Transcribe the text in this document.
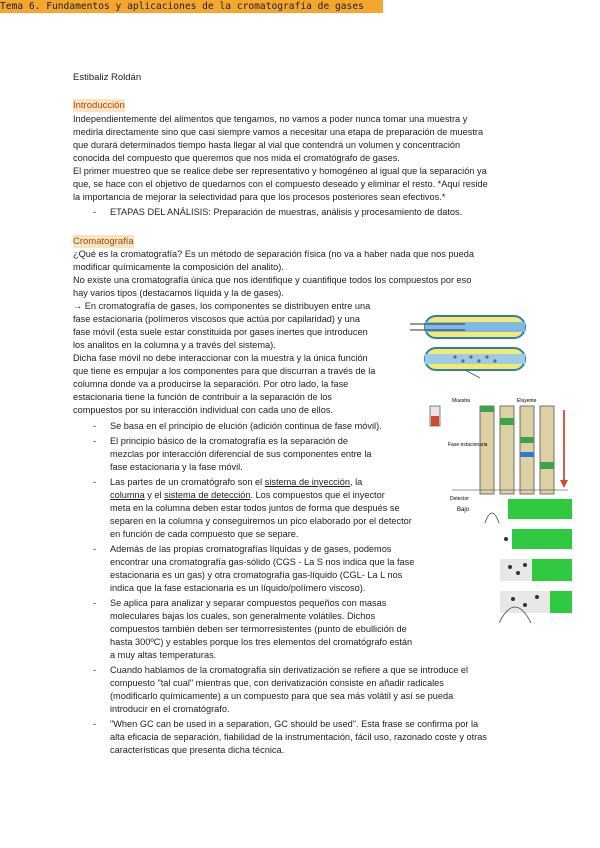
Estibaliz Roldán
Tema 6. Fundamentos y aplicaciones de la cromatografía de gases
Introducción
Independientemente del alimentos que tengamos, no vamos a poder nunca tomar una muestra y
medirla directamente sino que casi siempre vamos a necesitar una etapa de preparación de muestra
que durará determinados tiempo hasta llegar al vial que contendrá un volumen y concentración
conocida del compuesto que queremos que nos mida el cromatógrafo de gases.
El primer muestreo que se realice debe ser representativo y homogéneo al igual que la separación ya
que, se hace con el objetivo de quedarnos con el compuesto deseado y eliminar el resto. *Aquí reside
la importancia de mejorar la selectividad para que los procesos posteriores sean efectivos.*
- ETAPAS DEL ANÁLISIS: Preparación de muestras, análisis y procesamiento de datos.
Cromatografía
¿Qué es la cromatografía? Es un método de separación física (no va a haber nada que nos pueda
modificar químicamente la composición del analito).
No existe una cromatografía única que nos identifique y cuantifique todos los compuestos por eso
hay varios tipos (destacamos líquida y la de gases).
→ En cromatografía de gases, los componentes se distribuyen entre una
fase estacionaria (polímeros viscosos que actúa por capilaridad) y una
fase móvil (esta suele estar constituida por gases inertes que introducen
los analitos en la columna y a través del sistema).
Dicha fase móvil no debe interaccionar con la muestra y la única función
que tiene es empujar a los componentes para que discurran a través de la
columna donde va a producirse la separación. Por otro lado, la fase
estacionaria tiene la función de contribuir a la separación de los
compuestos por su interacción individual con cada uno de ellos.
- Se basa en el principio de elución (adición continua de fase móvil).
- El principio básico de la cromatografía es la separación de
mezclas por interacción diferencial de sus componentes entre la
fase estacionaria y la fase móvil.
- Las partes de un cromatógrafo son el sistema de inyección, la
columna y el sistema de detección. Los compuestos que el inyector
meta en la columna deben estar todos juntos de forma que después se
separen en la columna y conseguiremos un pico elaborado por el detector
en función de cada compuesto que se separe.
- Además de las propias cromatografías líquidas y de gases, podemos
encontrar una cromatografía gas-sólido (CGS - La S nos indica que la fase
estacionaria es un gas) y otra cromatografía gas-líquido (CGL- La L nos
indica que la fase estacionaria es un líquido/polímero viscoso).
- Se aplica para analizar y separar compuestos pequeños con masas
moleculares bajas los cuales, son generalmente volátiles. Dichos
compuestos también deben ser termorresistentes (punto de ebullición de
hasta 300ºC) y estables porque los tres elementos del cromatógrafo están
a muy altas temperaturas.
- Cuando hablamos de la cromatografía sin derivatización se refiere a que se introduce el
compuesto "tal cual" mientras que, con derivatización consiste en añadir radicales
(modificarlo químicamente) a un compuesto para que sea más volátil y así se pueda
introducir en el cromatógrafo.
- "When GC can be used in a separation, GC should be used". Esta frase se confirma por la
alta eficacia de separación, fiabilidad de la instrumentación, fácil uso, razonado coste y otras
características que presenta dicha técnica.
Muestra	Eluyente
Fase estacionaria
Detector
Bajo
